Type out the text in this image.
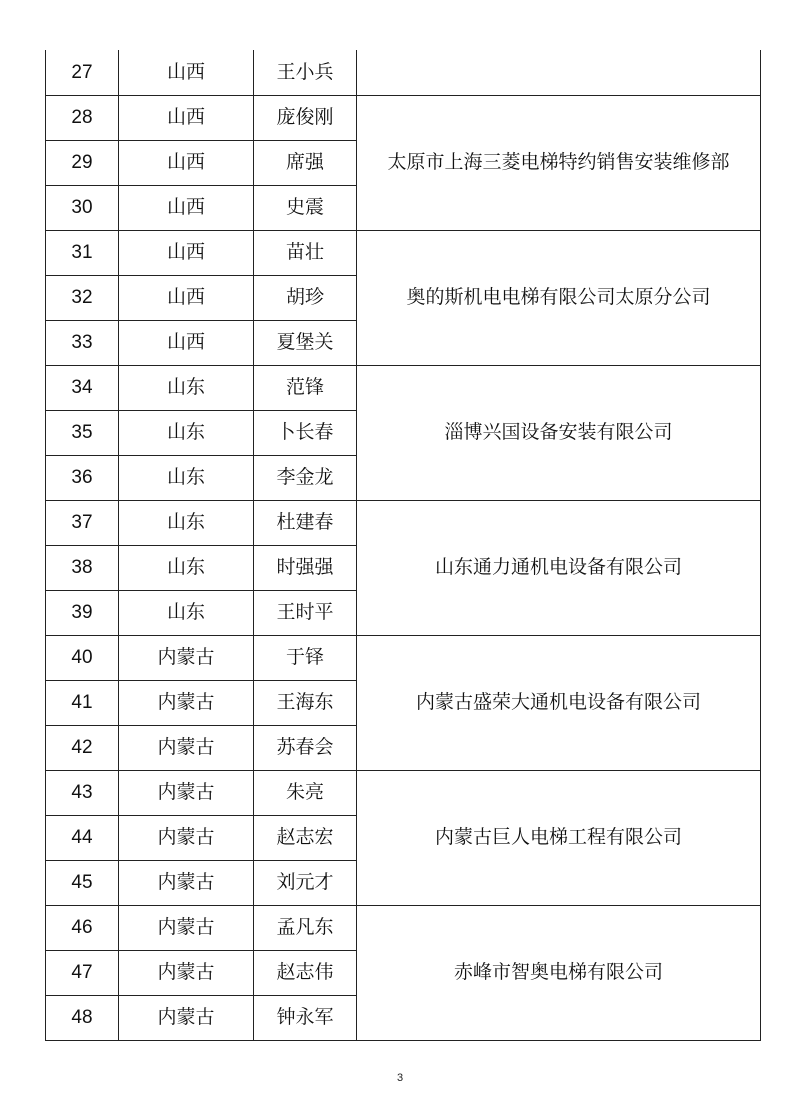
27	山西	王小兵	
28	山西	庞俊刚	太原市上海三菱电梯特约销售安装维修部
29	山西	席强	
30	山西	史震	
31	山西	苗壮	奥的斯机电电梯有限公司太原分公司
32	山西	胡珍	
33	山西	夏堡关	
34	山东	范锋	淄博兴国设备安装有限公司
35	山东	卜长春	
36	山东	李金龙	
37	山东	杜建春	山东通力通机电设备有限公司
38	山东	时强强	
39	山东	王时平	
40	内蒙古	于铎	内蒙古盛荣大通机电设备有限公司
41	内蒙古	王海东	
42	内蒙古	苏春会	
43	内蒙古	朱亮	内蒙古巨人电梯工程有限公司
44	内蒙古	赵志宏	
45	内蒙古	刘元才	
46	内蒙古	孟凡东	赤峰市智奥电梯有限公司
47	内蒙古	赵志伟	
48	内蒙古	钟永军	
3
